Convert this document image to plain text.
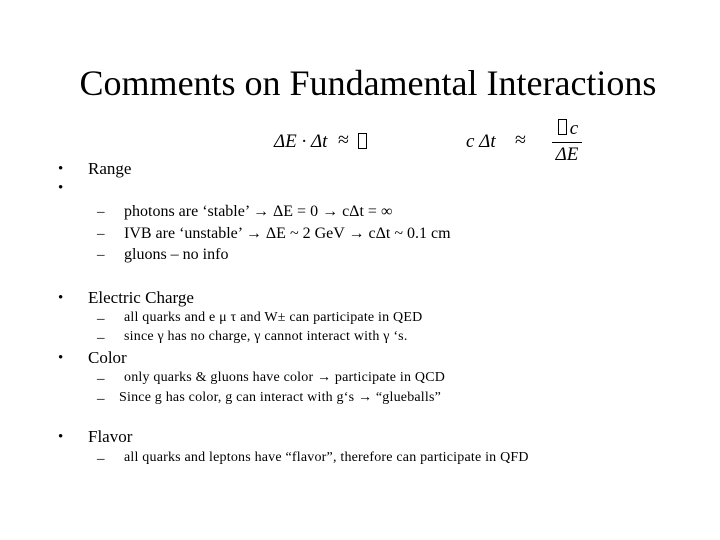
Comments on Fundamental Interactions
ΔE · Δt ≈	c Δt ≈
c
ΔE
• Range
•
– photons are ‘stable’ → ΔE = 0 → cΔt = ∞
– IVB are ‘unstable’ → ΔE ~ 2 GeV → cΔt ~ 0.1 cm
– gluons – no info
• Electric Charge
– all quarks and e μ τ and W± can participate in QED
– since γ has no charge, γ cannot interact with γ ‘s.
• Color
– only quarks & gluons have color → participate in QCD
– Since g has color, g can interact with g‘s → “glueballs”
• Flavor
– all quarks and leptons have “flavor”, therefore can participate in QFD
